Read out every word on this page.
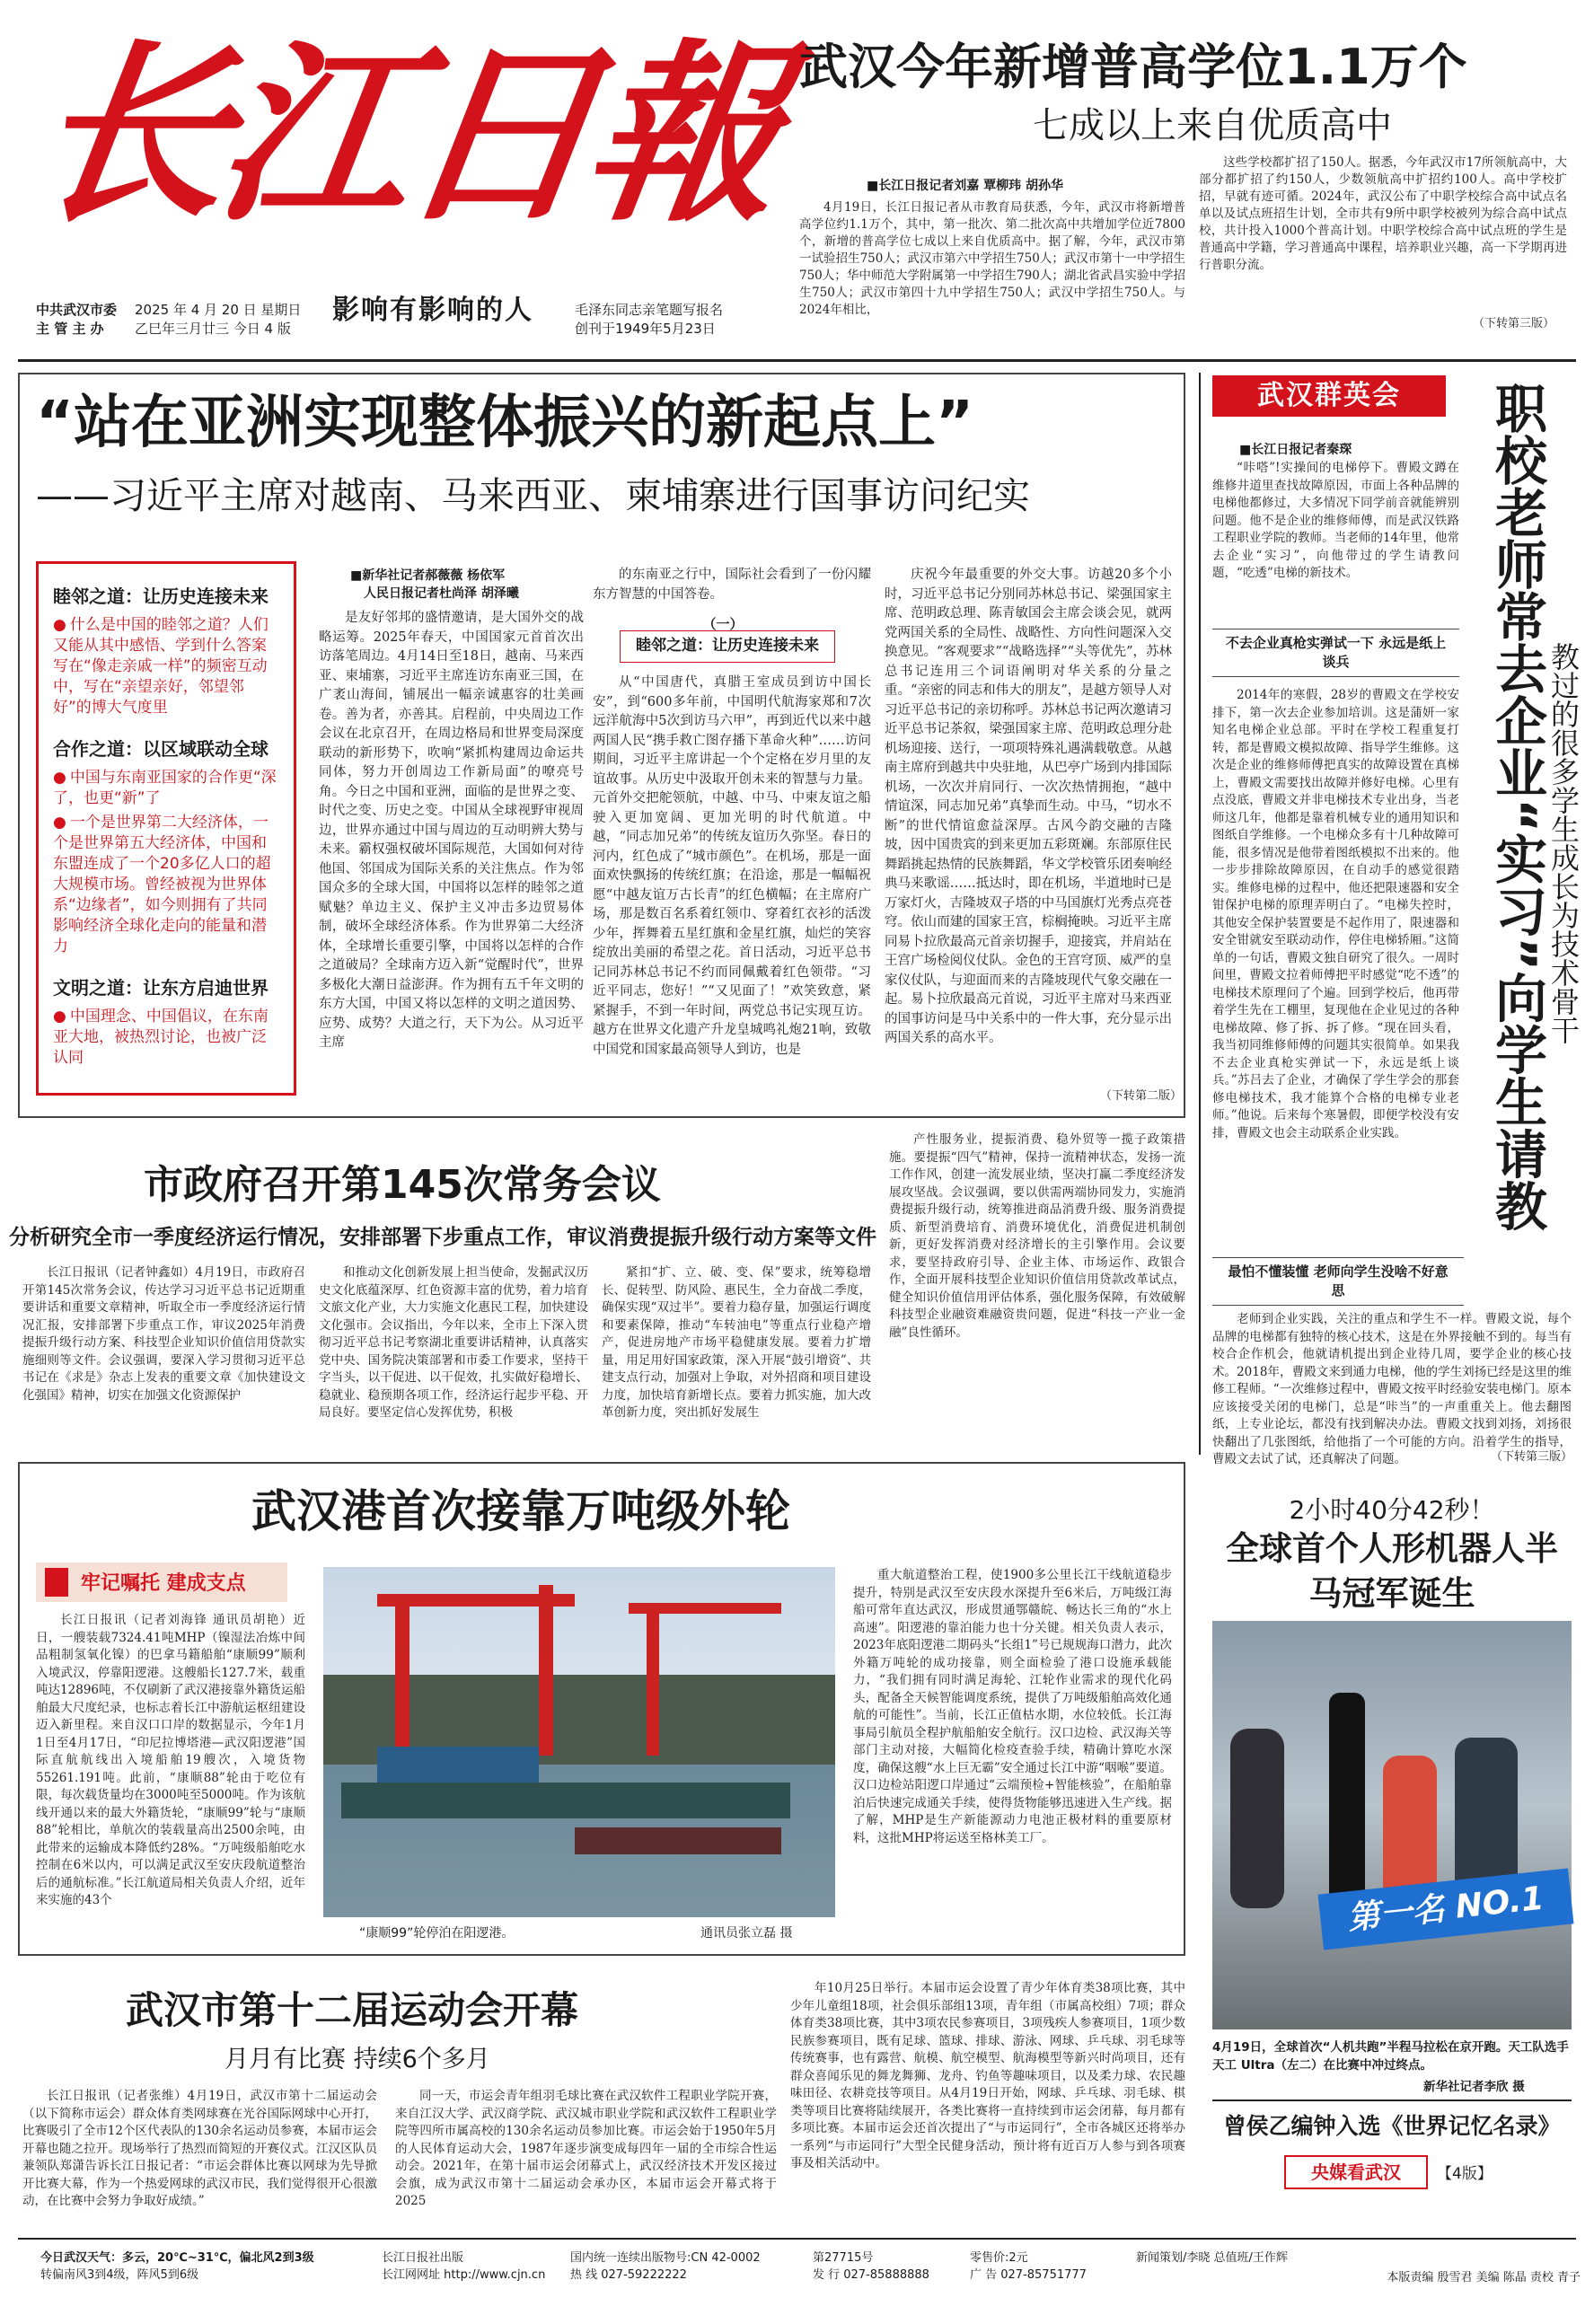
长江日報
中共武汉市委
主 管 主 办
2025 年 4 月 20 日 星期日
乙巳年三月廿三 今日 4 版
影响有影响的人	毛泽东同志亲笔题写报名
创刊于1949年5月23日
武汉今年新增普高学位1.1万个
七成以上来自优质高中
■长江日报记者刘嘉 覃柳玮 胡孙华

4月19日，长江日报记者从市教育局获悉，今年，武汉市将新增普高学位约1.1万个，其中，第一批次、第二批次高中共增加学位近7800个，新增的普高学位七成以上来自优质高中。据了解，今年，武汉市第一试验招生750人；武汉市第六中学招生750人；武汉市第十一中学招生750人；华中师范大学附属第一中学招生790人；湖北省武昌实验中学招生750人；武汉市第四十九中学招生750人；武汉中学招生750人。与2024年相比，

这些学校都扩招了150人。据悉，今年武汉市17所领航高中，大部分都扩招了约150人，少数领航高中扩招约100人。高中学校扩招，早就有迹可循。2024年，武汉公布了中职学校综合高中试点名单以及试点班招生计划，全市共有9所中职学校被列为综合高中试点校，共计投入1000个普高计划。中职学校综合高中试点班的学生是普通高中学籍，学习普通高中课程，培养职业兴趣，高一下学期再进行普职分流。

（下转第三版）
“站在亚洲实现整体振兴的新起点上”
——习近平主席对越南、马来西亚、柬埔寨进行国事访问纪实
睦邻之道：让历史连接未来
● 什么是中国的睦邻之道？人们又能从其中感悟、学到什么答案写在“像走亲戚一样”的频密互动中，写在“亲望亲好，邻望邻好”的博大气度里
合作之道：以区域联动全球
● 中国与东南亚国家的合作更“深了，也更“新”了
● 一个是世界第二大经济体，一个是世界第五大经济体，中国和东盟连成了一个20多亿人口的超大规模市场。曾经被视为世界体系“边缘者”，如今则拥有了共同影响经济全球化走向的能量和潜力
文明之道：让东方启迪世界
● 中国理念、中国倡议，在东南亚大地，被热烈讨论，也被广泛认同
■新华社记者郝薇薇 杨依军
人民日报记者杜尚泽 胡泽曦

是友好邻邦的盛情邀请，是大国外交的战略运筹。2025年春天，中国国家元首首次出访落笔周边。4月14日至18日，越南、马来西亚、柬埔寨，习近平主席连访东南亚三国，在广袤山海间，铺展出一幅亲诚惠容的壮美画卷。善为者，亦善其。启程前，中央周边工作会议在北京召开，在周边格局和世界变局深度联动的新形势下，吹响“紧抓构建周边命运共同体，努力开创周边工作新局面”的嘹亮号角。今日之中国和亚洲，面临的是世界之变、时代之变、历史之变。中国从全球视野审视周边，世界亦通过中国与周边的互动明辨大势与未来。霸权强权破坏国际规范，大国如何对待他国、邻国成为国际关系的关注焦点。作为邻国众多的全球大国，中国将以怎样的睦邻之道赋魅？单边主义、保护主义冲击多边贸易体制，破坏全球经济体系。作为世界第二大经济体，全球增长重要引擎，中国将以怎样的合作之道破局？全球南方迈入新“觉醒时代”，世界多极化大潮日益澎湃。作为拥有五千年文明的东方大国，中国又将以怎样的文明之道因势、应势、成势？大道之行，天下为公。从习近平主席

的东南亚之行中，国际社会看到了一份闪耀东方智慧的中国答卷。

（一）
睦邻之道：让历史连接未来

从“中国唐代，真腊王室成员到访中国长安”，到“600多年前，中国明代航海家郑和7次远洋航海中5次到访马六甲”，再到近代以来中越两国人民“携手救亡图存播下革命火种”……访问期间，习近平主席讲起一个个定格在岁月里的友谊故事。从历史中汲取开创未来的智慧与力量。元首外交把舵领航，中越、中马、中柬友谊之船驶入更加宽阔、更加光明的时代航道。中越，“同志加兄弟”的传统友谊历久弥坚。春日的河内，红色成了“城市颜色”。在机场，那是一面面欢快飘扬的传统红旗；在沿途，那是一幅幅祝愿“中越友谊万古长青”的红色横幅；在主席府广场，那是数百名系着红领巾、穿着红衣衫的活泼少年，挥舞着五星红旗和金星红旗，灿烂的笑容绽放出美丽的希望之花。首日活动，习近平总书记同苏林总书记不约而同佩戴着红色领带。“习近平同志，您好！”“又见面了！”欢笑致意，紧紧握手，不到一年时间，两党总书记实现互访。越方在世界文化遗产升龙皇城鸣礼炮21响，致敬中国党和国家最高领导人到访，也是

庆祝今年最重要的外交大事。访越20多个小时，习近平总书记分别同苏林总书记、梁强国家主席、范明政总理、陈青敏国会主席会谈会见，就两党两国关系的全局性、战略性、方向性问题深入交换意见。“客观要求”“战略选择”“头等优先”，苏林总书记连用三个词语阐明对华关系的分量之重。“亲密的同志和伟大的朋友”，是越方领导人对习近平总书记的亲切称呼。苏林总书记两次邀请习近平总书记茶叙，梁强国家主席、范明政总理分赴机场迎接、送行，一项项特殊礼遇满载敬意。从越南主席府到越共中央驻地，从巴亭广场到内排国际机场，一次次并肩同行、一次次热情拥抱，“越中情谊深，同志加兄弟”真挚而生动。中马，“切水不断”的世代情谊愈益深厚。古风今韵交融的吉隆坡，因中国贵宾的到来更加五彩斑斓。东部原住民舞蹈挑起热情的民族舞蹈，华文学校管乐团奏响经典马来歌谣……抵达时，即在机场，半道地时已是万家灯火，吉隆坡双子塔的中马国旗灯光秀点亮苍穹。依山而建的国家王宫，棕榈掩映。习近平主席同易卜拉欣最高元首亲切握手，迎接宾，并肩站在王宫广场检阅仪仗队。金色的王宫穹顶、威严的皇家仪仗队，与迎面而来的吉隆坡现代气象交融在一起。易卜拉欣最高元首说，习近平主席对马来西亚的国事访问是马中关系中的一件大事，充分显示出两国关系的高水平。

（下转第二版）
武汉群英会	职校老师常去企业“实习”向学生请教 教过的很多学生成长为技术骨干
■长江日报记者秦琛

“咔嗒”!实操间的电梯停下。曹殿文蹲在维修井道里查找故障原因，市面上各种品牌的电梯他都修过，大多情况下同学前音就能辨别问题。他不是企业的维修师傅，而是武汉铁路工程职业学院的教师。当老师的14年里，他常去企业“实习”，向他带过的学生请教问题，“吃透”电梯的新技术。

不去企业真枪实弹试一下 永远是纸上谈兵

2014年的寒假，28岁的曹殿文在学校安排下，第一次去企业参加培训。这是蒲妍一家知名电梯企业总部。平时在学校工程重复打转，都是曹殿文模拟故障、指导学生维修。这次是企业的维修师傅把真实的故障设置在真梯上，曹殿文需要找出故障并修好电梯。心里有点没底，曹殿文并非电梯技术专业出身，当老师这几年，他都是靠着机械专业的通用知识和图纸自学维修。一个电梯众多有十几种故障可能，很多情况是他带着图纸模拟不出来的。他一步步排除故障原因，在自动手的感觉很踏实。维修电梯的过程中，他还把限速器和安全钳保护电梯的原理弄明白了。“电梯失控时，其他安全保护装置要是不起作用了，限速器和安全钳就安至联动动作，停住电梯轿厢。”这简单的一句话，曹殿文独自研究了很久。一周时间里，曹殿文拉着师傅把平时感觉“吃不透”的电梯技术原理问了个遍。回到学校后，他再带着学生先在工棚里，复现他在企业见过的各种电梯故障、修了拆、拆了修。“现在回头看，我当初同维修师傅的问题其实很简单。如果我不去企业真枪实弹试一下，永远是纸上谈兵。”苏吕去了企业，才确保了学生学会的那套修电梯技术，我才能算个合格的电梯专业老师。”他说。后来每个寒暑假，即便学校没有安排，曹殿文也会主动联系企业实践。

最怕不懂装懂 老师向学生没啥不好意思

老师到企业实践，关注的重点和学生不一样。曹殿文说，每个品牌的电梯都有独特的核心技术，这是在外界接触不到的。每当有校合企作机会，他就请机提出到企业待几周，要学企业的核心技术。2018年，曹殿文来到通力电梯，他的学生刘扬已经是这里的维修工程师。“一次维修过程中，曹殿文按平时经验安装电梯门。原本应该接受关闭的电梯门，总是“咔当”的一声重重关上。他去翻图纸，上专业论坛，都没有找到解决办法。曹殿文找到刘扬，刘扬很快翻出了几张图纸，给他指了一个可能的方向。沿着学生的指导，曹殿文去试了试，还真解决了问题。	（下转第三版）
市政府召开第145次常务会议
分析研究全市一季度经济运行情况，安排部署下步重点工作，审议消费提振升级行动方案等文件

长江日报讯（记者钟鑫如）4月19日，市政府召开第145次常务会议，传达学习习近平总书记近期重要讲话和重要文章精神，听取全市一季度经济运行情况汇报，安排部署下步重点工作，审议2025年消费提振升级行动方案、科技型企业知识价值信用贷款实施细则等文件。会议强调，要深入学习贯彻习近平总书记在《求是》杂志上发表的重要文章《加快建设文化强国》精神，切实在加强文化资源保护

和推动文化创新发展上担当使命，发掘武汉历史文化底蕴深厚、红色资源丰富的优势，着力培育文旅文化产业，大力实施文化惠民工程，加快建设文化强市。会议指出，今年以来，全市上下深入贯彻习近平总书记考察湖北重要讲话精神，认真落实党中央、国务院决策部署和市委工作要求，坚持干字当头，以干促进、以干促效，扎实做好稳增长、稳就业、稳预期各项工作，经济运行起步平稳、开局良好。要坚定信心发挥优势，积极

紧扣“扩、立、破、变、保”要求，统筹稳增长、促转型、防风险、惠民生，全力奋战二季度，确保实现“双过半”。要着力稳存量，加强运行调度和要素保障，推动“车转油电”等重点行业稳产增产，促进房地产市场平稳健康发展。要着力扩增量，用足用好国家政策，深入开展“鼓引增资”、共建支点行动，加强对上争取，对外招商和项目建设力度，加快培育新增长点。要着力抓实施，加大改革创新力度，突出抓好发展生

产性服务业，提振消费、稳外贸等一揽子政策措施。要提振“四气”精神，保持一流精神状态，发扬一流工作作风，创建一流发展业绩，坚决打赢二季度经济发展攻坚战。会议强调，要以供需两端协同发力，实施消费提振升级行动，统筹推进商品消费升级、服务消费提质、新型消费培育、消费环境优化，消费促进机制创新，更好发挥消费对经济增长的主引擎作用。会议要求，要坚持政府引导、企业主体、市场运作、政银合作，全面开展科技型企业知识价值信用贷款改革试点，健全知识价值信用评估体系，强化服务保障，有效破解科技型企业融资难融资贵问题，促进“科技一产业一金融”良性循环。

武汉港首次接靠万吨级外轮
牢记嘱托 建成支点

长江日报讯（记者刘海锋 通讯员胡艳）近日，一艘装载7324.41吨MHP（镍湿法冶炼中间品粗制氢氧化镍）的巴拿马籍船舶“康顺99”顺利入境武汉，停靠阳逻港。这艘船长127.7米，载重吨达12896吨，不仅刷新了武汉港接靠外籍货运船舶最大尺度纪录，也标志着长江中游航运枢纽建设迈入新里程。来自汉口口岸的数据显示，今年1月1日至4月17日，“印尼拉博塔港—武汉阳逻港”国际直航航线出入境船舶19艘次，入境货物55261.191吨。此前，“康顺88”轮由于吃位有限，每次载货量均在3000吨至5000吨。作为该航线开通以来的最大外籍货轮，“康顺99”轮与“康顺88”轮相比，单航次的装载量高出2500余吨，由此带来的运输成本降低约28%。“万吨级船舶吃水控制在6米以内，可以满足武汉至安庆段航道整治后的通航标准。”长江航道局相关负责人介绍，近年来实施的43个

“康顺99”轮停泊在阳逻港。	通讯员张立磊 摄

重大航道整治工程，使1900多公里长江干线航道稳步提升，特别是武汉至安庆段水深提升至6米后，万吨级江海船可常年直达武汉，形成贯通鄂赣皖、畅达长三角的“水上高速”。阳逻港的靠泊能力也十分关键。相关负责人表示，2023年底阳逻港二期码头“长组1”号已规规海口潜力，此次外籍万吨轮的成功接靠，则全面检验了港口设施承载能力，“我们拥有同时满足海轮、江轮作业需求的现代化码头，配备全天候智能调度系统，提供了万吨级船舶高效化通航的可能性”。当前，长江正值枯水期，水位较低。长江海事局引航员全程护航船舶安全航行。汉口边检、武汉海关等部门主动对接，大幅简化检疫查验手续，精确计算吃水深度，确保这艘“水上巨无霸”安全通过长江中游“咽喉”要道。汉口边检站阳逻口岸通过“云端预检+智能核验”，在船舶靠泊后快速完成通关手续，使得货物能够迅速进入生产线。据了解，MHP是生产新能源动力电池正极材料的重要原材料，这批MHP将运送至格林美工厂。

2小时40分42秒！
全球首个人形机器人半马冠军诞生
第一名 NO.1
4月19日，全球首次“人机共跑”半程马拉松在京开跑。天工队选手天工 Ultra（左二）在比赛中冲过终点。
新华社记者李欣 摄
武汉市第十二届运动会开幕
月月有比赛 持续6个多月

长江日报讯（记者张维）4月19日，武汉市第十二届运动会（以下简称市运会）群众体育类网球赛在光谷国际网球中心开打，比赛吸引了全市12个区代表队的130余名运动员参赛，本届市运会开幕也随之拉开。现场举行了热烈而简短的开赛仪式。江汉区队员兼领队郑潇告诉长江日报记者：“市运会群体比赛以网球为先导掀开比赛大幕，作为一个热爱网球的武汉市民，我们觉得很开心很激动，在比赛中会努力争取好成绩。”

同一天，市运会青年组羽毛球比赛在武汉软件工程职业学院开赛，来自江汉大学、武汉商学院、武汉城市职业学院和武汉软件工程职业学院等四所市属高校的130余名运动员参加比赛。市运会始于1950年5月的人民体育运动大会，1987年逐步演变成每四年一届的全市综合性运动会。2021年，在第十届市运会闭幕式上，武汉经济技术开发区接过会旗，成为武汉市第十二届运动会承办区，本届市运会开幕式将于2025

年10月25日举行。本届市运会设置了青少年体育类38项比赛，其中少年儿童组18项，社会俱乐部组13项，青年组（市属高校组）7项；群众体育类38项比赛，其中3项农民参赛项目，3项残疾人参赛项目，1项少数民族参赛项目，既有足球、篮球、排球、游泳、网球、乒乓球、羽毛球等传统赛事，也有露营、航模、航空模型、航海模型等新兴时尚项目，还有群众喜闻乐见的舞龙舞狮、龙舟、钓鱼等趣味项目，以及柔力球、农民趣味田径、农耕竞技等项目。从4月19日开始，网球、乒乓球、羽毛球、棋类等项目比赛将陆续展开，各类比赛将一直持续到市运会闭幕，每月都有多项比赛。本届市运会还首次提出了“与市运同行”，全市各城区还将举办一系列“与市运同行”大型全民健身活动，预计将有近百万人参与到各项赛事及相关活动中。

曾侯乙编钟入选《世界记忆名录》
央媒看武汉	【4版】
今日武汉天气：多云，20℃~31℃，偏北风2到3级
转偏南风3到4级，阵风5到6级
长江日报社出版
长江网网址 http://www.cjn.cn
国内统一连续出版物号:CN 42-0002
热 线 027-59222222
第27715号
发 行 027-85888888
零售价:2元
广 告 027-85751777
新闻策划/李晓 总值班/王作辉
本版责编 殷雪君 美编 陈晶 责校 青子
